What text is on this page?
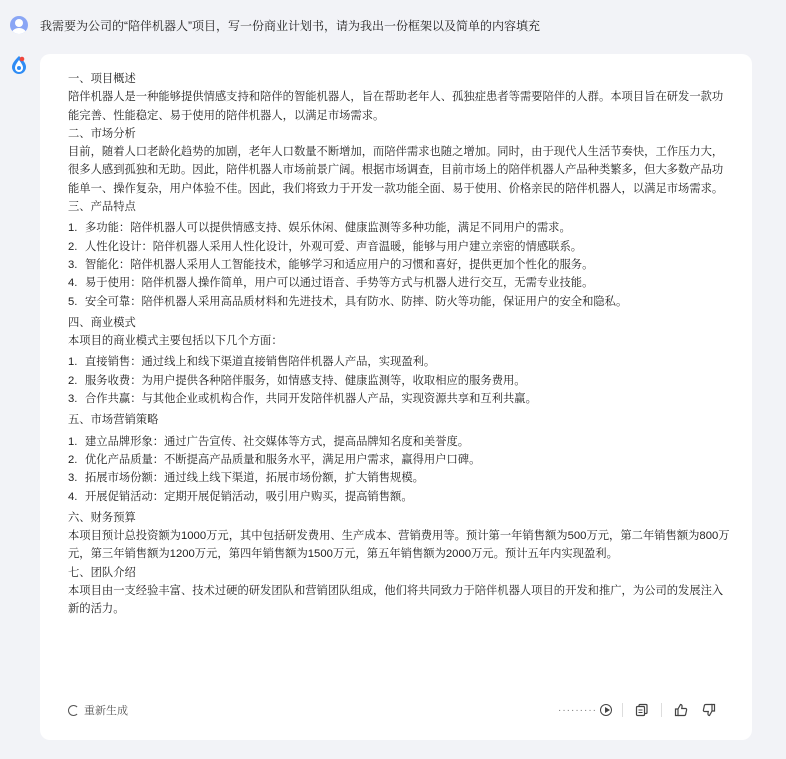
我需要为公司的“陪伴机器人”项目，写一份商业计划书，请为我出一份框架以及简单的内容填充

一、项目概述

陪伴机器人是一种能够提供情感支持和陪伴的智能机器人，旨在帮助老年人、孤独症患者等需要陪伴的人群。本项目旨在研发一款功能完善、性能稳定、易于使用的陪伴机器人，以满足市场需求。

二、市场分析

目前，随着人口老龄化趋势的加剧，老年人口数量不断增加，而陪伴需求也随之增加。同时，由于现代人生活节奏快，工作压力大，很多人感到孤独和无助。因此，陪伴机器人市场前景广阔。根据市场调查，目前市场上的陪伴机器人产品种类繁多，但大多数产品功能单一、操作复杂，用户体验不佳。因此，我们将致力于开发一款功能全面、易于使用、价格亲民的陪伴机器人，以满足市场需求。

三、产品特点

1. 多功能：陪伴机器人可以提供情感支持、娱乐休闲、健康监测等多种功能，满足不同用户的需求。
2. 人性化设计：陪伴机器人采用人性化设计，外观可爱、声音温暖，能够与用户建立亲密的情感联系。
3. 智能化：陪伴机器人采用人工智能技术，能够学习和适应用户的习惯和喜好，提供更加个性化的服务。
4. 易于使用：陪伴机器人操作简单，用户可以通过语音、手势等方式与机器人进行交互，无需专业技能。
5. 安全可靠：陪伴机器人采用高品质材料和先进技术，具有防水、防摔、防火等功能，保证用户的安全和隐私。

四、商业模式

本项目的商业模式主要包括以下几个方面：

1. 直接销售：通过线上和线下渠道直接销售陪伴机器人产品，实现盈利。
2. 服务收费：为用户提供各种陪伴服务，如情感支持、健康监测等，收取相应的服务费用。
3. 合作共赢：与其他企业或机构合作，共同开发陪伴机器人产品，实现资源共享和互利共赢。

五、市场营销策略

1. 建立品牌形象：通过广告宣传、社交媒体等方式，提高品牌知名度和美誉度。
2. 优化产品质量：不断提高产品质量和服务水平，满足用户需求，赢得用户口碑。
3. 拓展市场份额：通过线上线下渠道，拓展市场份额，扩大销售规模。
4. 开展促销活动：定期开展促销活动，吸引用户购买，提高销售额。

六、财务预算

本项目预计总投资额为1000万元，其中包括研发费用、生产成本、营销费用等。预计第一年销售额为500万元，第二年销售额为800万元，第三年销售额为1200万元，第四年销售额为1500万元，第五年销售额为2000万元。预计五年内实现盈利。

七、团队介绍

本项目由一支经验丰富、技术过硬的研发团队和营销团队组成，他们将共同致力于陪伴机器人项目的开发和推广，为公司的发展注入新的活力。

重新生成	·········
